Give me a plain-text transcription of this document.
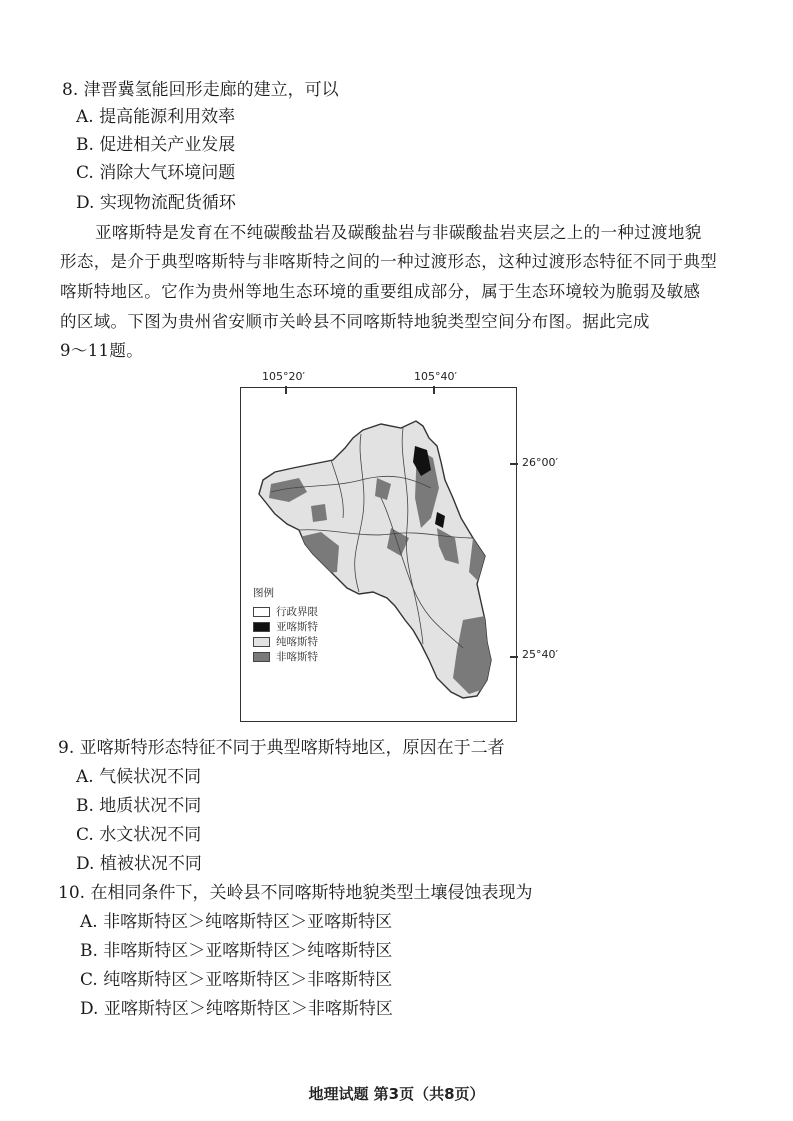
8. 津晋冀氢能回形走廊的建立，可以
A. 提高能源利用效率
B. 促进相关产业发展
C. 消除大气环境问题
D. 实现物流配货循环
亚喀斯特是发育在不纯碳酸盐岩及碳酸盐岩与非碳酸盐岩夹层之上的一种过渡地貌
形态，是介于典型喀斯特与非喀斯特之间的一种过渡形态，这种过渡形态特征不同于典型
喀斯特地区。它作为贵州等地生态环境的重要组成部分，属于生态环境较为脆弱及敏感
的区域。下图为贵州省安顺市关岭县不同喀斯特地貌类型空间分布图。据此完成
9～11题。
105°20′	105°40′
26°00′
25°40′
图例
行政界限
亚喀斯特
纯喀斯特
非喀斯特
9. 亚喀斯特形态特征不同于典型喀斯特地区，原因在于二者
A. 气候状况不同
B. 地质状况不同
C. 水文状况不同
D. 植被状况不同
10. 在相同条件下，关岭县不同喀斯特地貌类型土壤侵蚀表现为
A. 非喀斯特区＞纯喀斯特区＞亚喀斯特区
B. 非喀斯特区＞亚喀斯特区＞纯喀斯特区
C. 纯喀斯特区＞亚喀斯特区＞非喀斯特区
D. 亚喀斯特区＞纯喀斯特区＞非喀斯特区
地理试题 第3页（共8页）
